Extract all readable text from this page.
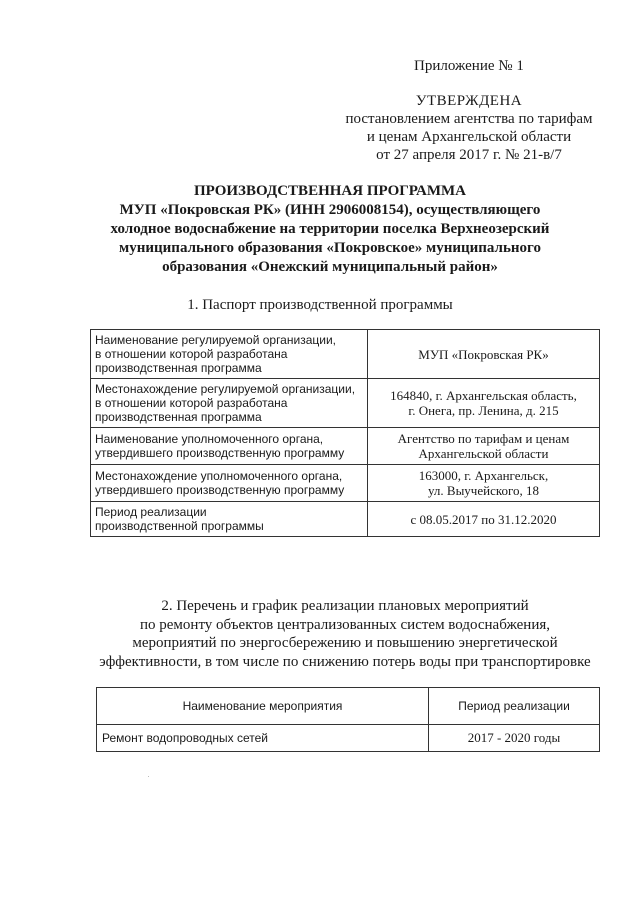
Приложение № 1
УТВЕРЖДЕНА
постановлением агентства по тарифам
и ценам Архангельской области
от 27 апреля 2017 г. № 21-в/7
ПРОИЗВОДСТВЕННАЯ ПРОГРАММА
МУП «Покровская РК» (ИНН 2906008154), осуществляющего
холодное водоснабжение на территории поселка Верхнеозерский
муниципального образования «Покровское» муниципального
образования «Онежский муниципальный район»
1. Паспорт производственной программы
Наименование регулируемой организации,
в отношении которой разработана
производственная программа	МУП «Покровская РК»

Местонахождение регулируемой организации,
в отношении которой разработана
производственная программа	164840, г. Архангельская область,
г. Онега, пр. Ленина, д. 215

Наименование уполномоченного органа,
утвердившего производственную программу	Агентство по тарифам и ценам
Архангельской области

Местонахождение уполномоченного органа,
утвердившего производственную программу	163000, г. Архангельск,
ул. Выучейского, 18

Период реализации
производственной программы	с 08.05.2017 по 31.12.2020
2. Перечень и график реализации плановых мероприятий
по ремонту объектов централизованных систем водоснабжения,
мероприятий по энергосбережению и повышению энергетической
эффективности, в том числе по снижению потерь воды при транспортировке
Наименование мероприятия	Период реализации
Ремонт водопроводных сетей	2017 - 2020 годы
